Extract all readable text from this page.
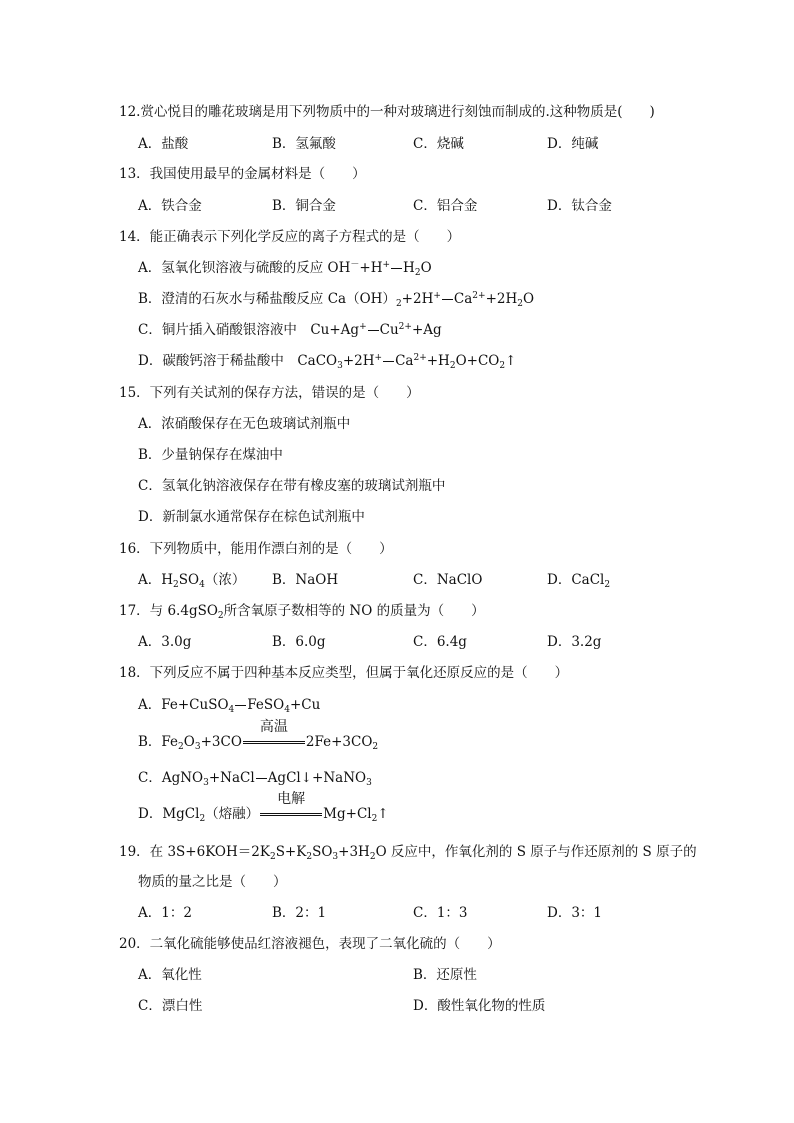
12.赏心悦目的雕花玻璃是用下列物质中的一种对玻璃进行刻蚀而制成的.这种物质是(　　)
A．盐酸	B．氢氟酸	C．烧碱	D．纯碱
13．我国使用最早的金属材料是（　　）
A．铁合金	B．铜合金	C．铝合金	D．钛合金
14．能正确表示下列化学反应的离子方程式的是（　　）
A．氢氧化钡溶液与硫酸的反应 OH－+H+ $H_2O$
B．澄清的石灰水与稀盐酸反应 $Ca(OH)_2+2H^+$ $Ca^{2+}+2H_2O$
C．铜片插入硝酸银溶液中　Cu+Ag+ $Cu^{2+}+Ag$
D．碳酸钙溶于稀盐酸中　CaCO$_3$+2H+ $Ca^{2+}+H_2O+CO_2↑$
15．下列有关试剂的保存方法，错误的是（　　）
A．浓硝酸保存在无色玻璃试剂瓶中
B．少量钠保存在煤油中
C．氢氧化钠溶液保存在带有橡皮塞的玻璃试剂瓶中
D．新制氯水通常保存在棕色试剂瓶中
16．下列物质中，能用作漂白剂的是（　　）
A．$H_2SO_4$（浓） B．NaOH	C．NaClO	D．CaCl$_2$
17．与 6.4gSO$_2$所含氧原子数相等的 NO 的质量为（　　）
A．3.0g	B．6.0g	C．6.4g	D．3.2g
18．下列反应不属于四种基本反应类型，但属于氧化还原反应的是（　　）
A．Fe+CuSO$_4$ FeSO$_4$+Cu
B．$Fe_2O_3+3CO$
高温
$2Fe+3CO_2$
C．AgNO$_3$+NaCl AgCl↓+NaNO$_3$
D．MgCl$_2$（熔融）
电解
$Mg+Cl_2↑$
19．在 $3S+6KOH=2K_2S+K_2SO_3+3H_2O$ 反应中，作氧化剂的 S 原子与作还原剂的 S 原子的
物质的量之比是（　　）
A．1：2	B．2：1	C．1：3	D．3：1
20．二氧化硫能够使品红溶液褪色，表现了二氧化硫的（　　）
A．氧化性	B．还原性
C．漂白性	D．酸性氧化物的性质
